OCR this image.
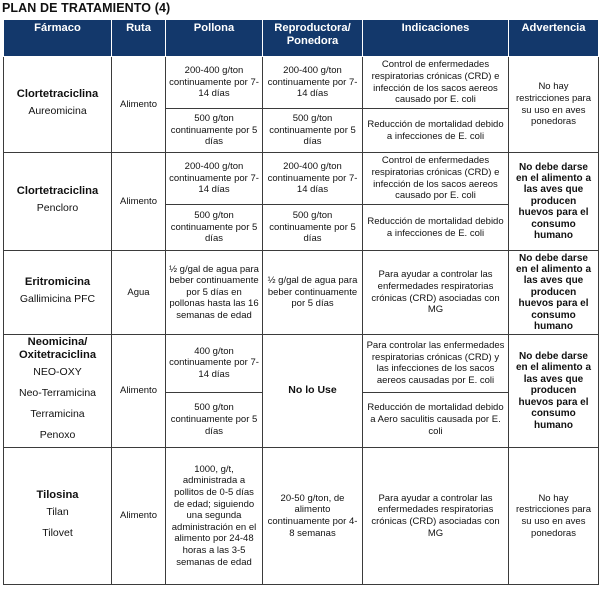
PLAN DE TRATAMIENTO (4)
Fármaco	Ruta	Pollona	Reproductora/ Ponedora	Indicaciones	Advertencia

Clortetraciclina
Aureomicina	Alimento	200-400 g/ton continuamente por 7-14 días	200-400 g/ton continuamente por 7-14 días	Control de enfermedades respiratorias crónicas (CRD) e infección de los sacos aereos causado por E. coli	No hay restricciones para su uso en aves ponedoras
		500 g/ton continuamente por 5 días	500 g/ton continuamente por 5 días	Reducción de mortalidad debido a infecciones de E. coli	

Clortetraciclina
Pencloro	Alimento	200-400 g/ton continuamente por 7-14 días	200-400 g/ton continuamente por 7-14 días	Control de enfermedades respiratorias crónicas (CRD) e infección de los sacos aereos causado por E. coli	No debe darse en el alimento a las aves que producen huevos para el consumo humano
		500 g/ton continuamente por 5 días	500 g/ton continuamente por 5 días	Reducción de mortalidad debido a infecciones de E. coli	

Eritromicina
Gallimicina PFC	Agua	½ g/gal de agua para beber continuamente por 5 días en pollonas hasta las 16 semanas de edad	½ g/gal de agua para beber continuamente por 5 días	Para ayudar a controlar las enfermedades respiratorias crónicas (CRD) asociadas con MG	No debe darse en el alimento a las aves que producen huevos para el consumo humano

Neomicina/ Oxitetraciclina
NEO-OXY
Neo-Terramicina
Terramicina
Penoxo	Alimento	400 g/ton continuamente por 7-14 días	No lo Use	Para controlar las enfermedades respiratorias crónicas (CRD) y las infecciones de los sacos aereos causadas por E. coli	No debe darse en el alimento a las aves que producen huevos para el consumo humano
		500 g/ton continuamente por 5 días		Reducción de mortalidad debido a Aero saculitis causada por E. coli	

Tilosina
Tilan
Tilovet	Alimento	1000, g/t, administrada a pollitos de 0-5 días de edad; siguiendo una segunda administración en el alimento por 24-48 horas a las 3-5 semanas de edad	20-50 g/ton, de alimento continuamente por 4-8 semanas	Para ayudar a controlar las enfermedades respiratorias crónicas (CRD) asociadas con MG	No hay restricciones para su uso en aves ponedoras
